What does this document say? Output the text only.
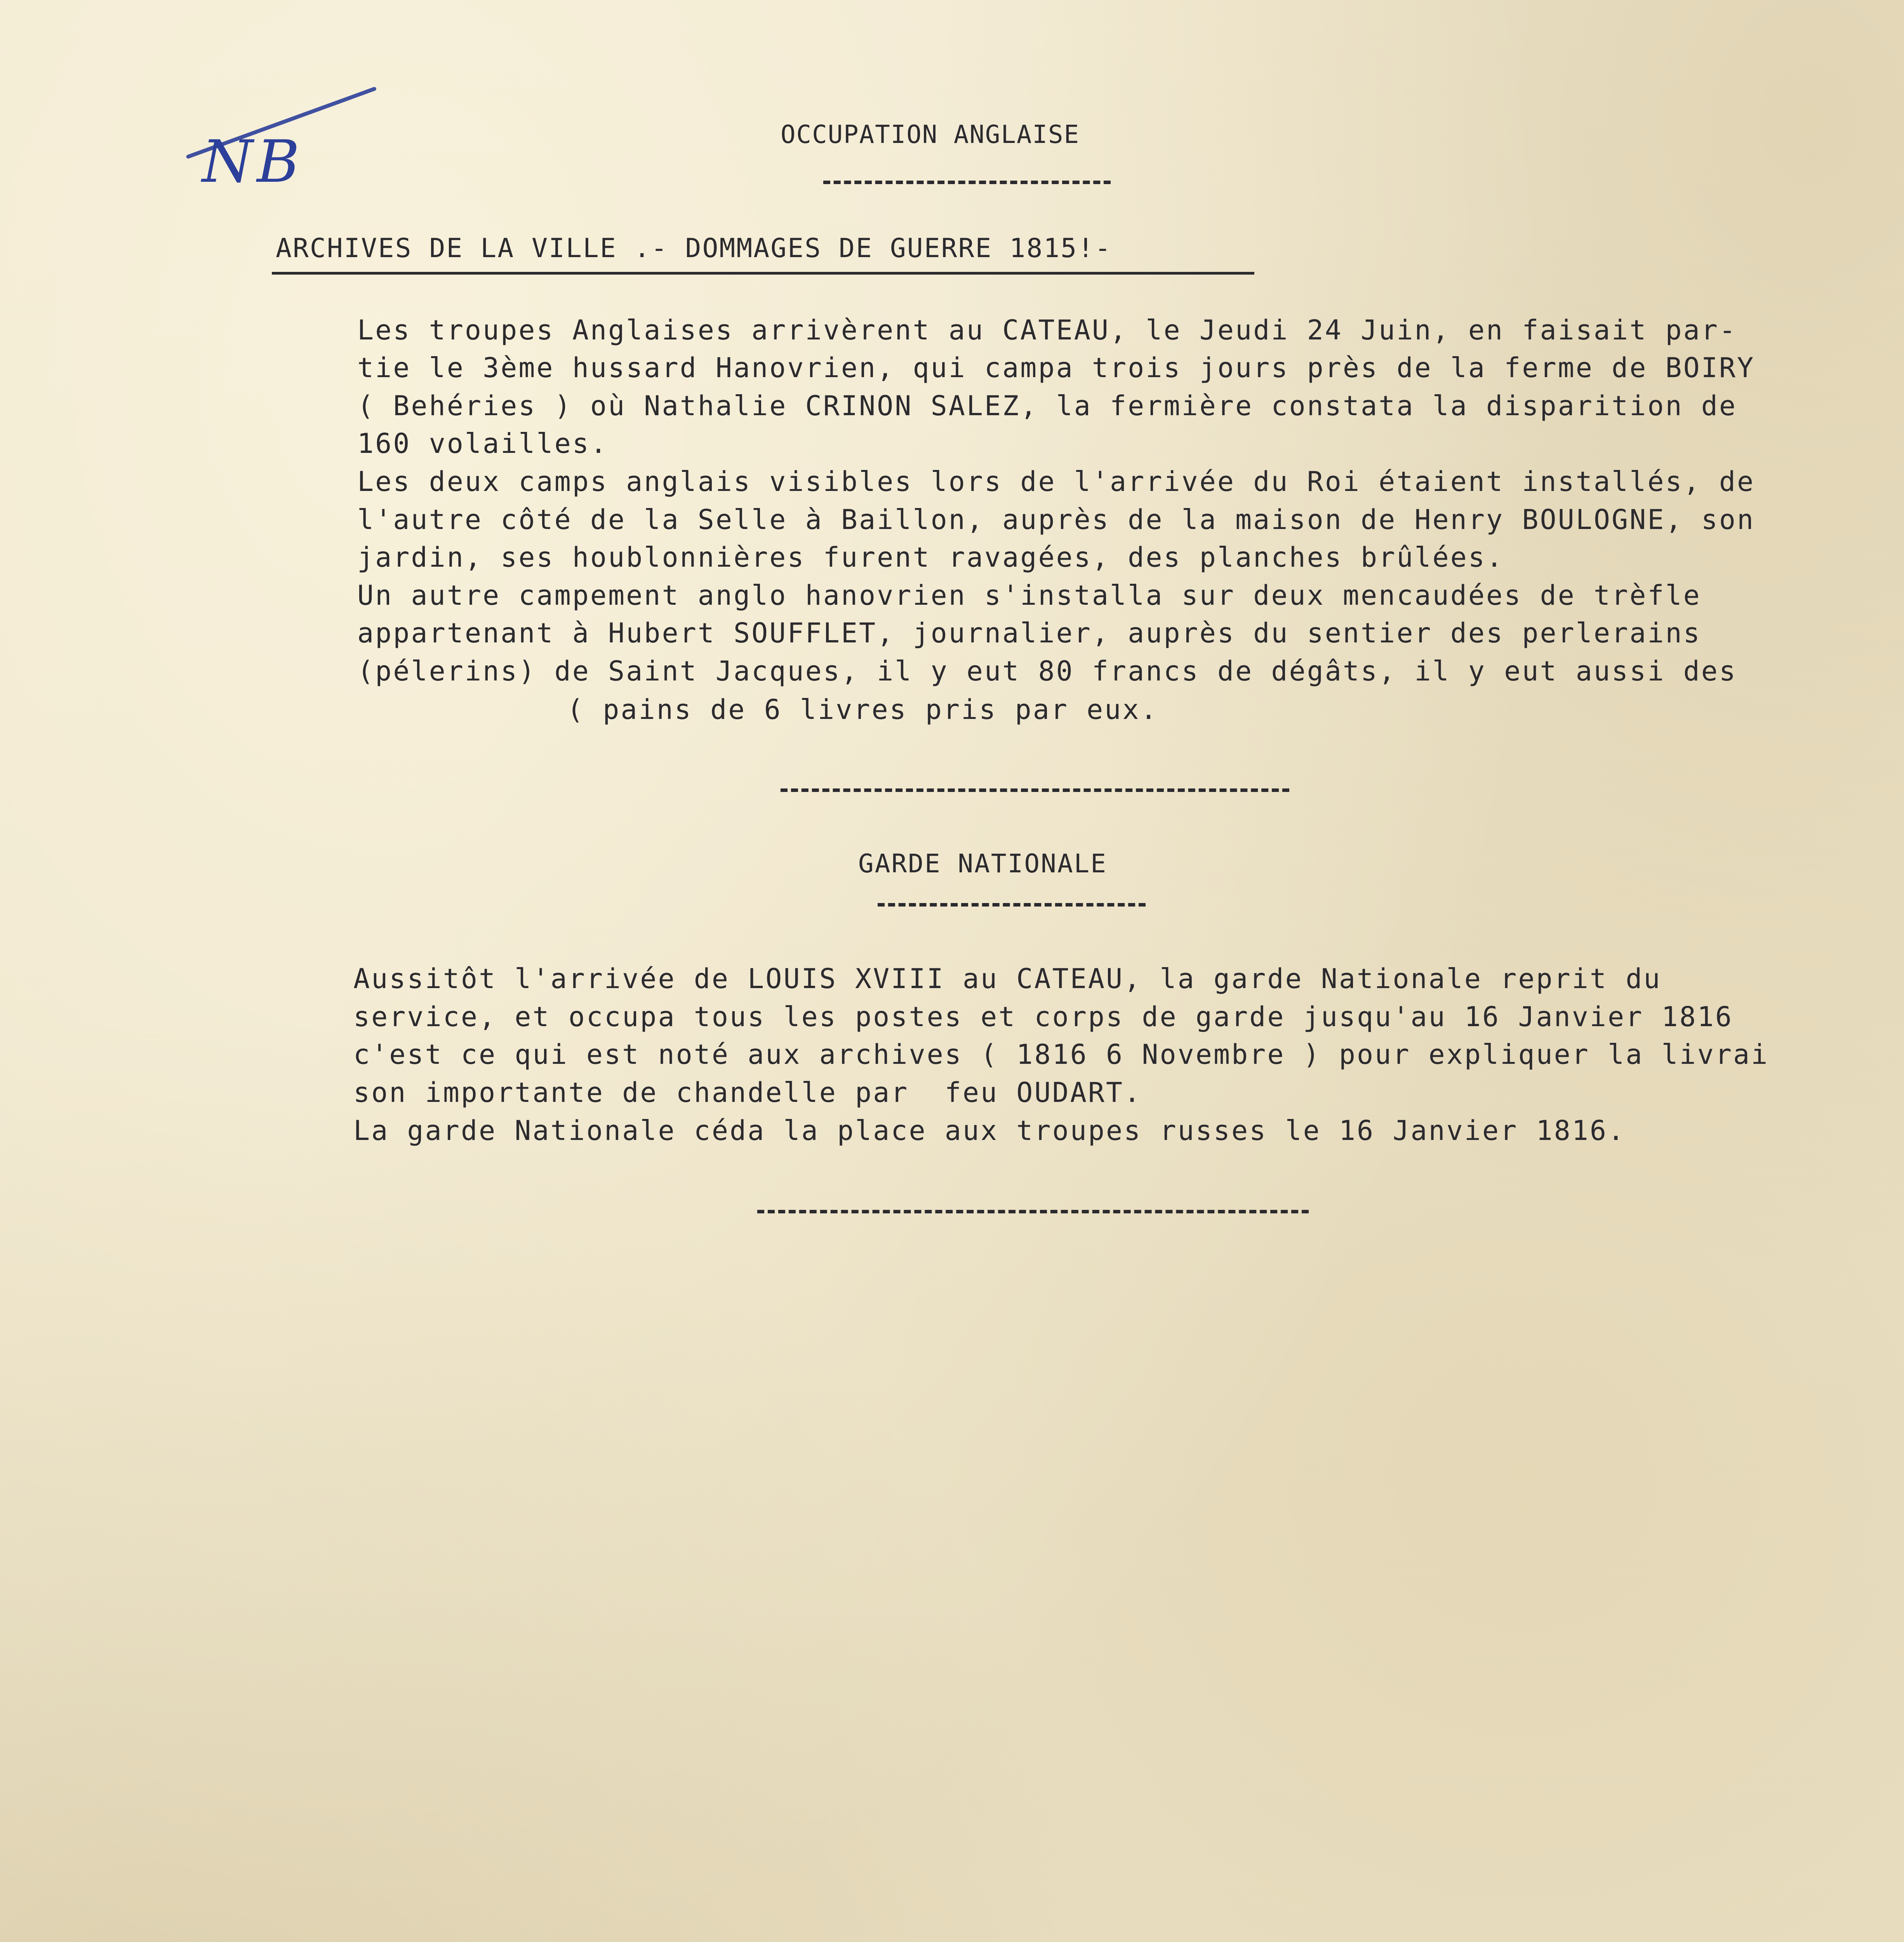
NB	OCCUPATION ANGLAISE
ARCHIVES DE LA VILLE .- DOMMAGES DE GUERRE 1815!-
Les troupes Anglaises arrivèrent au CATEAU, le Jeudi 24 Juin, en faisait par-
tie le 3ème hussard Hanovrien, qui campa trois jours près de la ferme de BOIRY
( Behéries ) où Nathalie CRINON SALEZ, la fermière constata la disparition de
160 volailles.
Les deux camps anglais visibles lors de l'arrivée du Roi étaient installés, de
l'autre côté de la Selle à Baillon, auprès de la maison de Henry BOULOGNE, son
jardin, ses houblonnières furent ravagées, des planches brûlées.
Un autre campement anglo hanovrien s'installa sur deux mencaudées de trèfle
appartenant à Hubert SOUFFLET, journalier, auprès du sentier des perlerains
(pélerins) de Saint Jacques, il y eut 80 francs de dégâts, il y eut aussi des
( pains de 6 livres pris par eux.
GARDE NATIONALE
Aussitôt l'arrivée de LOUIS XVIII au CATEAU, la garde Nationale reprit du
service, et occupa tous les postes et corps de garde jusqu'au 16 Janvier 1816
c'est ce qui est noté aux archives ( 1816 6 Novembre ) pour expliquer la livrai
son importante de chandelle par  feu OUDART.
La garde Nationale céda la place aux troupes russes le 16 Janvier 1816.
